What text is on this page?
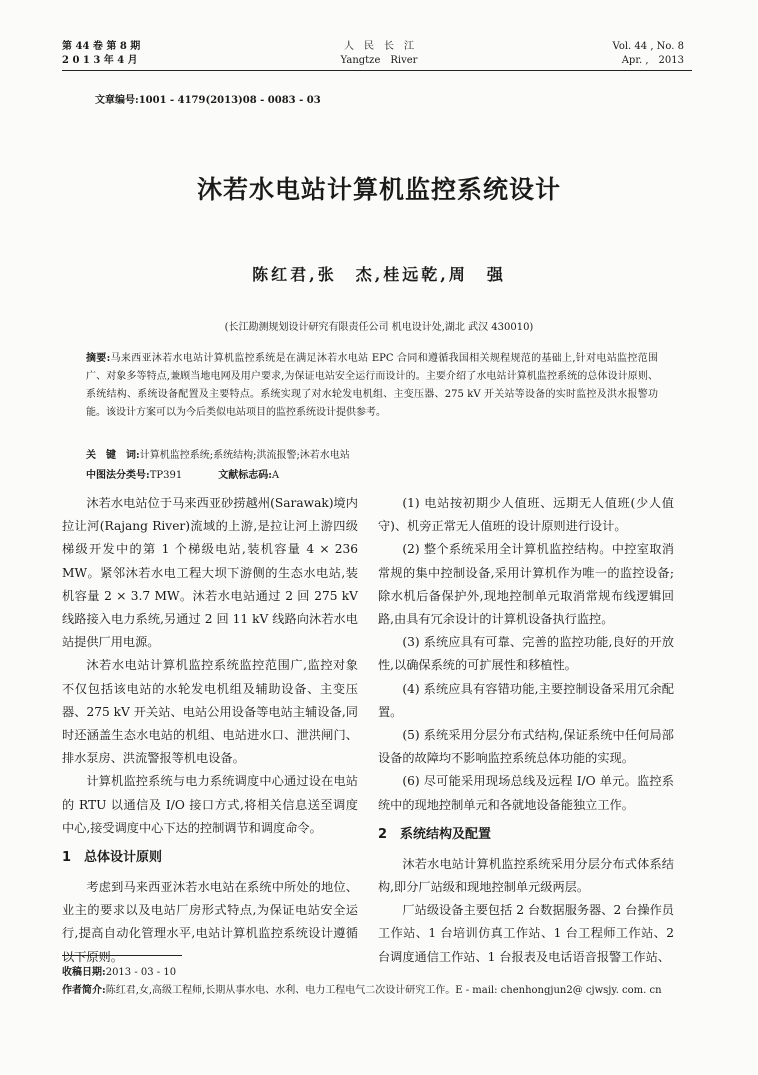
第 44 卷 第 8 期
2 0 1 3 年 4 月
人　民　长　江
Yangtze　River
Vol. 44 , No. 8
Apr. ,　2013
文章编号:1001 - 4179(2013)08 - 0083 - 03
沐若水电站计算机监控系统设计
陈红君,张　杰,桂远乾,周　强
(长江勘测规划设计研究有限责任公司 机电设计处,湖北 武汉 430010)
摘要:马来西亚沐若水电站计算机监控系统是在满足沐若水电站 EPC 合同和遵循我国相关规程规范的基础上,针对电站监控范围广、对象多等特点,兼顾当地电网及用户要求,为保证电站安全运行而设计的。主要介绍了水电站计算机监控系统的总体设计原则、系统结构、系统设备配置及主要特点。系统实现了对水轮发电机组、主变压器、275 kV 开关站等设备的实时监控及洪水报警功能。该设计方案可以为今后类似电站项目的监控系统设计提供参考。
关　键　词:计算机监控系统;系统结构;洪流报警;沐若水电站
中图法分类号:TP391	文献标志码:A

沐若水电站位于马来西亚砂捞越州(Sarawak)境内拉让河(Rajang River)流域的上游,是拉让河上游四级梯级开发中的第 1 个梯级电站,装机容量 4 × 236 MW。紧邻沐若水电工程大坝下游侧的生态水电站,装机容量 2 × 3.7 MW。沐若水电站通过 2 回 275 kV 线路接入电力系统,另通过 2 回 11 kV 线路向沐若水电站提供厂用电源。

沐若水电站计算机监控系统监控范围广,监控对象不仅包括该电站的水轮发电机组及辅助设备、主变压器、275 kV 开关站、电站公用设备等电站主辅设备,同时还涵盖生态水电站的机组、电站进水口、泄洪闸门、排水泵房、洪流警报等机电设备。

计算机监控系统与电力系统调度中心通过设在电站的 RTU 以通信及 I/O 接口方式,将相关信息送至调度中心,接受调度中心下达的控制调节和调度命令。

1 总体设计原则

考虑到马来西亚沐若水电站在系统中所处的地位、业主的要求以及电站厂房形式特点,为保证电站安全运行,提高自动化管理水平,电站计算机监控系统设计遵循以下原则。

(1) 电站按初期少人值班、远期无人值班(少人值守)、机旁正常无人值班的设计原则进行设计。

(2) 整个系统采用全计算机监控结构。中控室取消常规的集中控制设备,采用计算机作为唯一的监控设备;除水机后备保护外,现地控制单元取消常规布线逻辑回路,由具有冗余设计的计算机设备执行监控。

(3) 系统应具有可靠、完善的监控功能,良好的开放性,以确保系统的可扩展性和移植性。

(4) 系统应具有容错功能,主要控制设备采用冗余配置。

(5) 系统采用分层分布式结构,保证系统中任何局部设备的故障均不影响监控系统总体功能的实现。

(6) 尽可能采用现场总线及远程 I/O 单元。监控系统中的现地控制单元和各就地设备能独立工作。

2 系统结构及配置

沐若水电站计算机监控系统采用分层分布式体系结构,即分厂站级和现地控制单元级两层。

厂站级设备主要包括 2 台数据服务器、2 台操作员工作站、1 台培训仿真工作站、1 台工程师工作站、2 台调度通信工作站、1 台报表及电话语音报警工作站、

收稿日期:2013 - 03 - 10
作者简介:陈红君,女,高级工程师,长期从事水电、水利、电力工程电气二次设计研究工作。E - mail: chenhongjun2@ cjwsjy. com. cn
